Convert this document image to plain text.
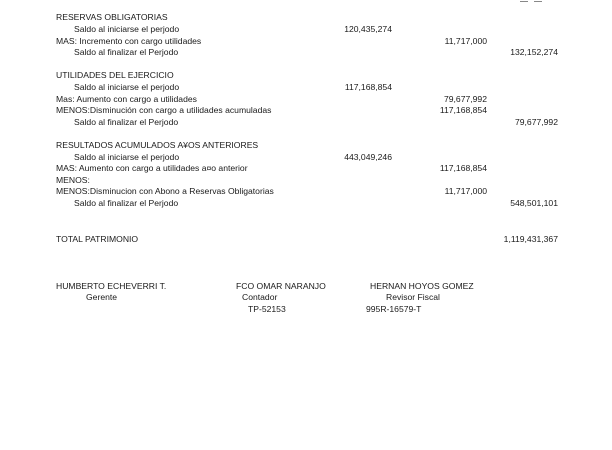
RESERVAS OBLIGATORIAS
Saldo al iniciarse el perjodo	120,435,274
MAS: Incremento con cargo utilidades	11,717,000
Saldo al finalizar el Perjodo	132,152,274
UTILIDADES DEL EJERCICIO
Saldo al iniciarse el perjodo	117,168,854
Mas: Aumento con cargo a utilidades	79,677,992
MENOS:Disminución con cargo a utilidades acumuladas	117,168,854
Saldo al finalizar el Perjodo	79,677,992
RESULTADOS ACUMULADOS A¥OS ANTERIORES
Saldo al iniciarse el perjodo	443,049,246
MAS: Aumento con cargo a utilidades a¤o anterior	117,168,854
MENOS:
MENOS:Disminucion con Abono a Reservas Obligatorias	11,717,000
Saldo al finalizar el Perjodo	548,501,101
TOTAL PATRIMONIO	1,119,431,367
HUMBERTO ECHEVERRI T.
Gerente
FCO OMAR NARANJO
Contador
TP-52153
HERNAN HOYOS GOMEZ
Revisor Fiscal
995R-16579-T
